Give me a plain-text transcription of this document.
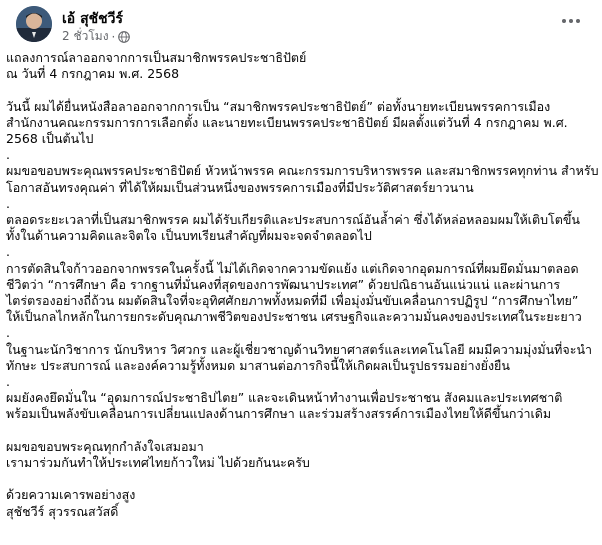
เอ้ สุชัชวีร์
2 ชั่วโมง ·
แถลงการณ์ลาออกจากการเป็นสมาชิกพรรคประชาธิปัตย์
ณ วันที่ 4 กรกฎาคม พ.ศ. 2568
วันนี้ ผมได้ยื่นหนังสือลาออกจากการเป็น “สมาชิกพรรคประชาธิปัตย์” ต่อทั้งนายทะเบียนพรรคการเมือง
สำนักงานคณะกรรมการการเลือกตั้ง และนายทะเบียนพรรคประชาธิปัตย์ มีผลตั้งแต่วันที่ 4 กรกฎาคม พ.ศ.
2568 เป็นต้นไป
.
ผมขอขอบพระคุณพรรคประชาธิปัตย์ หัวหน้าพรรค คณะกรรมการบริหารพรรค และสมาชิกพรรคทุกท่าน สำหรับ
โอกาสอันทรงคุณค่า ที่ได้ให้ผมเป็นส่วนหนึ่งของพรรคการเมืองที่มีประวัติศาสตร์ยาวนาน
.
ตลอดระยะเวลาที่เป็นสมาชิกพรรค ผมได้รับเกียรติและประสบการณ์อันล้ำค่า ซึ่งได้หล่อหลอมผมให้เติบโตขึ้น
ทั้งในด้านความคิดและจิตใจ เป็นบทเรียนสำคัญที่ผมจะจดจำตลอดไป
.
การตัดสินใจก้าวออกจากพรรคในครั้งนี้ ไม่ได้เกิดจากความขัดแย้ง แต่เกิดจากอุดมการณ์ที่ผมยึดมั่นมาตลอด
ชีวิตว่า “การศึกษา คือ รากฐานที่มั่นคงที่สุดของการพัฒนาประเทศ” ด้วยปณิธานอันแน่วแน่ และผ่านการ
ไตร่ตรองอย่างถี่ถ้วน ผมตัดสินใจที่จะอุทิศศักยภาพทั้งหมดที่มี เพื่อมุ่งมั่นขับเคลื่อนการปฏิรูป “การศึกษาไทย”
ให้เป็นกลไกหลักในการยกระดับคุณภาพชีวิตของประชาชน เศรษฐกิจและความมั่นคงของประเทศในระยะยาว
.
ในฐานะนักวิชาการ นักบริหาร วิศวกร และผู้เชี่ยวชาญด้านวิทยาศาสตร์และเทคโนโลยี ผมมีความมุ่งมั่นที่จะนำ
ทักษะ ประสบการณ์ และองค์ความรู้ทั้งหมด มาสานต่อภารกิจนี้ให้เกิดผลเป็นรูปธรรมอย่างยั่งยืน
.
ผมยังคงยึดมั่นใน “อุดมการณ์ประชาธิปไตย” และจะเดินหน้าทำงานเพื่อประชาชน สังคมและประเทศชาติ
พร้อมเป็นพลังขับเคลื่อนการเปลี่ยนแปลงด้านการศึกษา และร่วมสร้างสรรค์การเมืองไทยให้ดีขึ้นกว่าเดิม
ผมขอขอบพระคุณทุกกำลังใจเสมอมา
เรามาร่วมกันทำให้ประเทศไทยก้าวใหม่ ไปด้วยกันนะครับ
ด้วยความเคารพอย่างสูง
สุชัชวีร์ สุวรรณสวัสดิ์
